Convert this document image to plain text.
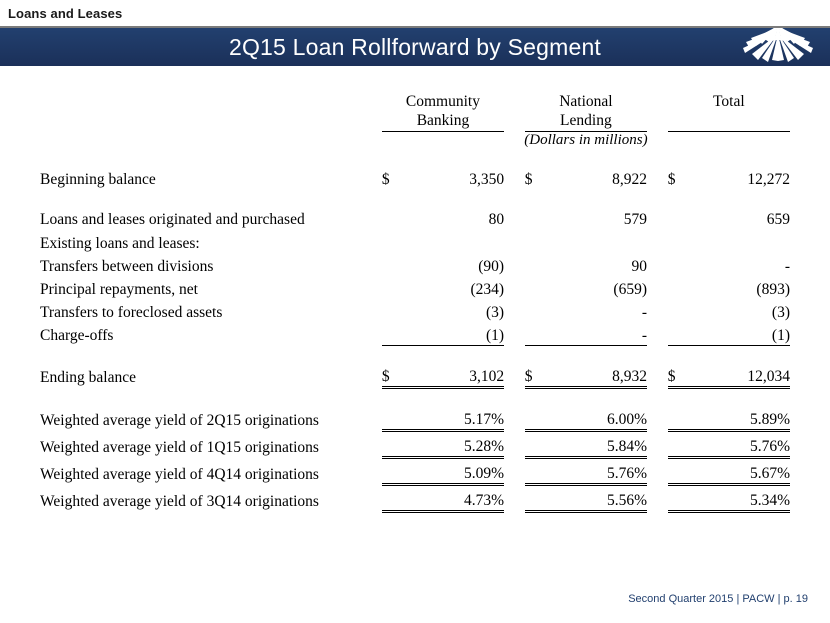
Loans and Leases
2Q15 Loan Rollforward by Segment
	Community			National			Total	
	Banking			Lending				
	(Dollars in millions)							

Beginning balance	$	3,350		$	8,922		$	12,272

Loans and leases originated and purchased		80			579			659
Existing loans and leases:								
Transfers between divisions		(90)			90			-
Principal repayments, net		(234)			(659)			(893)
Transfers to foreclosed assets		(3)			-			(3)
Charge-offs		(1)			-			(1)

Ending balance	$	3,102		$	8,932		$	12,034

Weighted average yield of 2Q15 originations		5.17%			6.00%			5.89%
Weighted average yield of 1Q15 originations		5.28%			5.84%			5.76%
Weighted average yield of 4Q14 originations		5.09%			5.76%			5.67%
Weighted average yield of 3Q14 originations		4.73%			5.56%			5.34%
Second Quarter 2015 | PACW | p. 19
